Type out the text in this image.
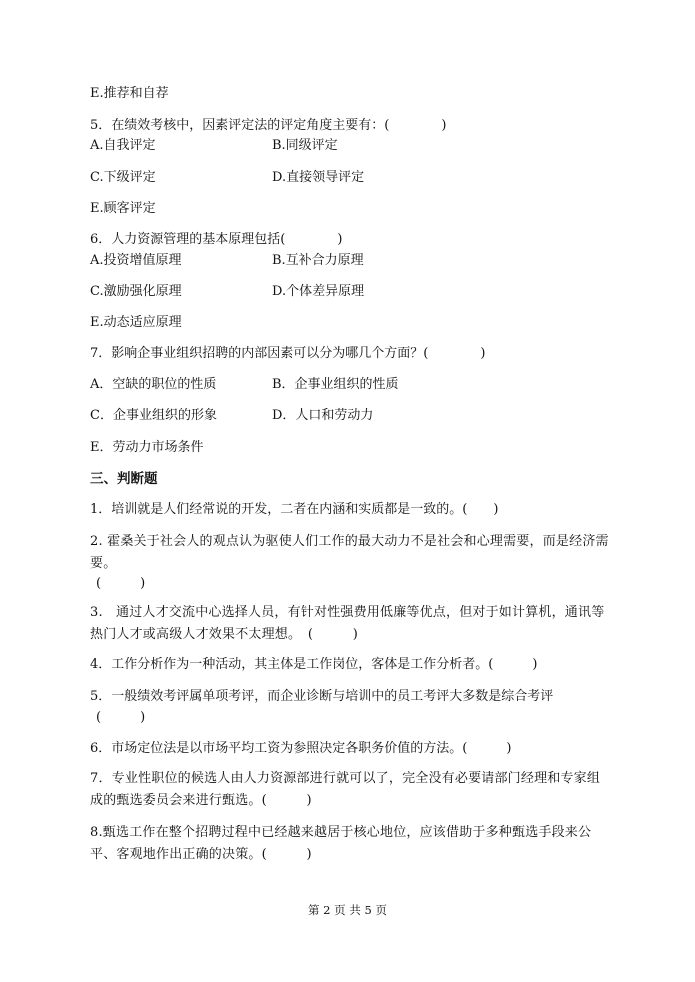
E.推荐和自荐
5．在绩效考核中，因素评定法的评定角度主要有：(　　　　)
A.自我评定	B.同级评定
C.下级评定	D.直接领导评定
E.顾客评定
6．人力资源管理的基本原理包括(　　　　)
A.投资增值原理	B.互补合力原理
C.激励强化原理	D.个体差异原理
E.动态适应原理
7．影响企事业组织招聘的内部因素可以分为哪几个方面？(　　　　)
A．空缺的职位的性质	B．企事业组织的性质
C．企事业组织的形象	D．人口和劳动力
E．劳动力市场条件
三、判断题
1．培训就是人们经常说的开发，二者在内涵和实质都是一致的。(　　)
2. 霍桑关于社会人的观点认为驱使人们工作的最大动力不是社会和心理需要，而是经济需要。
(　　　)
3.　通过人才交流中心选择人员，有针对性强费用低廉等优点，但对于如计算机，通讯等热门人才或高级人才效果不太理想。　(　　　)
4．工作分析作为一种活动，其主体是工作岗位，客体是工作分析者。(　　　)
5．一般绩效考评属单项考评，而企业诊断与培训中的员工考评大多数是综合考评
(　　　)
6．市场定位法是以市场平均工资为参照决定各职务价值的方法。(　　　)
7．专业性职位的候选人由人力资源部进行就可以了，完全没有必要请部门经理和专家组成的甄选委员会来进行甄选。(　　　)
8.甄选工作在整个招聘过程中已经越来越居于核心地位，应该借助于多种甄选手段来公平、客观地作出正确的决策。(　　　)
第 2 页 共 5 页
